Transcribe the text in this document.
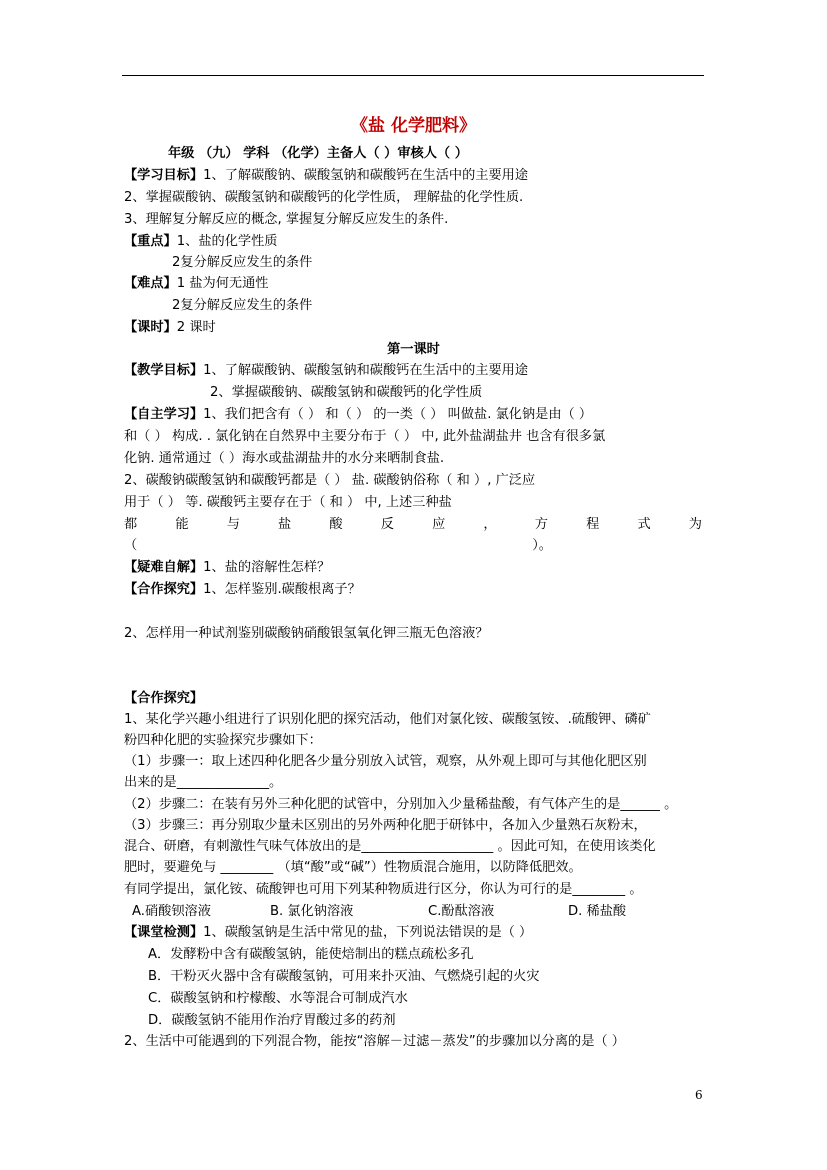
《盐 化学肥料》
年级 （九） 学科 （化学）主备人（ ）审核人（ ）
【学习目标】1、了解碳酸钠、碳酸氢钠和碳酸钙在生活中的主要用途
2、掌握碳酸钠、碳酸氢钠和碳酸钙的化学性质， 理解盐的化学性质.
3、理解复分解反应的概念, 掌握复分解反应发生的条件.
【重点】1、盐的化学性质
2复分解反应发生的条件
【难点】1 盐为何无通性
2复分解反应发生的条件
【课时】2 课时
第一课时
【教学目标】1、了解碳酸钠、碳酸氢钠和碳酸钙在生活中的主要用途
2、掌握碳酸钠、碳酸氢钠和碳酸钙的化学性质
【自主学习】1、我们把含有（ ） 和（ ） 的一类（ ） 叫做盐. 氯化钠是由（ ）
和（ ） 构成. . 氯化钠在自然界中主要分布于（ ） 中, 此外盐湖盐井 也含有很多氯
化钠. 通常通过（ ）海水或盐湖盐井的水分来晒制食盐.
2、碳酸钠碳酸氢钠和碳酸钙都是（ ） 盐. 碳酸钠俗称（ 和 ）, 广泛应
用于（ ） 等. 碳酸钙主要存在于（ 和 ） 中, 上述三种盐
都	能	与	盐	酸	反	应	，	方	程	式	为
（	）。
【疑难自解】1、盐的溶解性怎样？
【合作探究】1、怎样鉴别.碳酸根离子？
2、怎样用一种试剂鉴别碳酸钠硝酸银氢氧化钾三瓶无色溶液？
【合作探究】
1、某化学兴趣小组进行了识别化肥的探究活动，他们对氯化铵、碳酸氢铵、.硫酸钾、磷矿
粉四种化肥的实验探究步骤如下：
（1）步骤一：取上述四种化肥各少量分别放入试管，观察，从外观上即可与其他化肥区别
出来的是______________。
（2）步骤二：在装有另外三种化肥的试管中，分别加入少量稀盐酸，有气体产生的是______ 。
（3）步骤三：再分别取少量未区别出的另外两种化肥于研钵中，各加入少量熟石灰粉末，
混合、研磨，有刺激性气味气体放出的是____________________ 。因此可知，在使用该类化
肥时，要避免与 ________ （填“酸”或“碱”）性物质混合施用，以防降低肥效。
有同学提出，氯化铵、硫酸钾也可用下列某种物质进行区分，你认为可行的是________ 。
A.硝酸钡溶液	B. 氯化钠溶液	C.酚酞溶液	D. 稀盐酸
【课堂检测】1、碳酸氢钠是生活中常见的盐，下列说法错误的是（ ）
A．发酵粉中含有碳酸氢钠，能使焙制出的糕点疏松多孔
B．干粉灭火器中含有碳酸氢钠，可用来扑灭油、气燃烧引起的火灾
C．碳酸氢钠和柠檬酸、水等混合可制成汽水
D．碳酸氢钠不能用作治疗胃酸过多的药剂
2、生活中可能遇到的下列混合物，能按“溶解－过滤－蒸发”的步骤加以分离的是（ ）
6
